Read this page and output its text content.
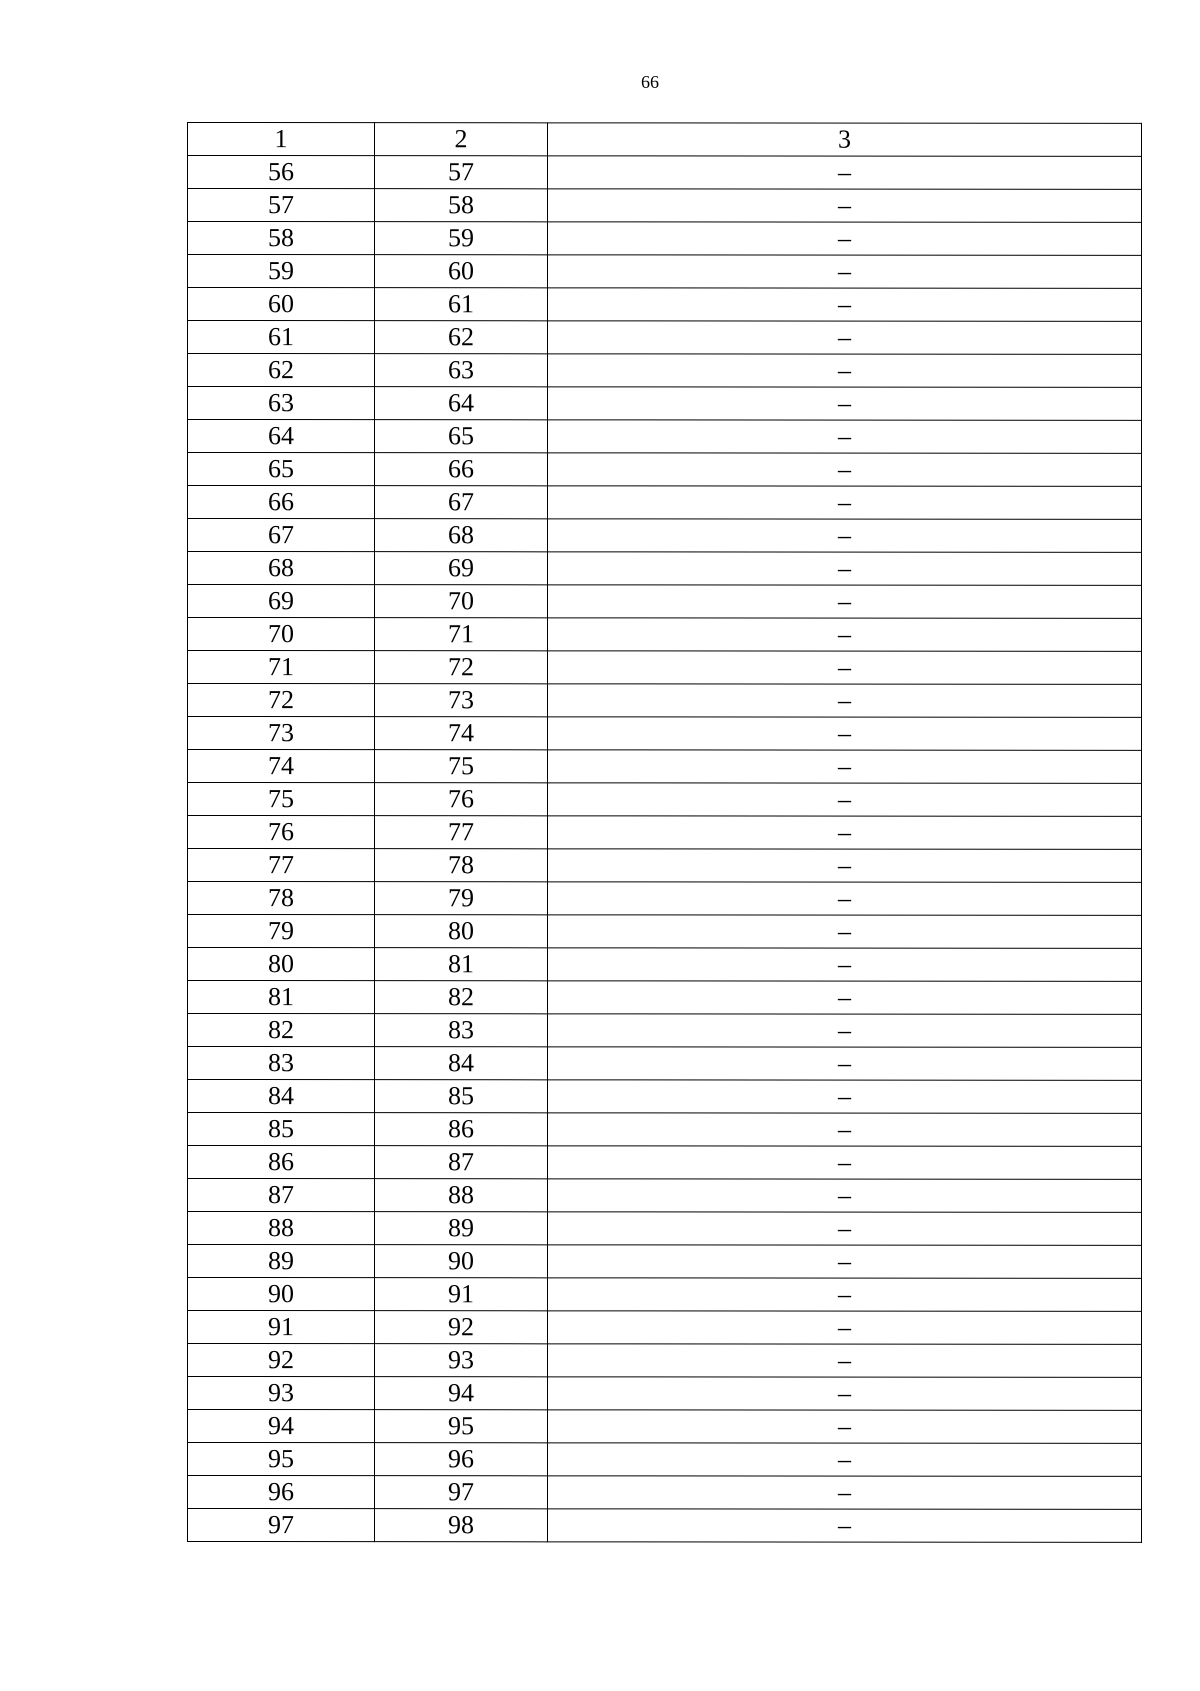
66
1	2	3
56	57	–
57	58	–
58	59	–
59	60	–
60	61	–
61	62	–
62	63	–
63	64	–
64	65	–
65	66	–
66	67	–
67	68	–
68	69	–
69	70	–
70	71	–
71	72	–
72	73	–
73	74	–
74	75	–
75	76	–
76	77	–
77	78	–
78	79	–
79	80	–
80	81	–
81	82	–
82	83	–
83	84	–
84	85	–
85	86	–
86	87	–
87	88	–
88	89	–
89	90	–
90	91	–
91	92	–
92	93	–
93	94	–
94	95	–
95	96	–
96	97	–
97	98	–
